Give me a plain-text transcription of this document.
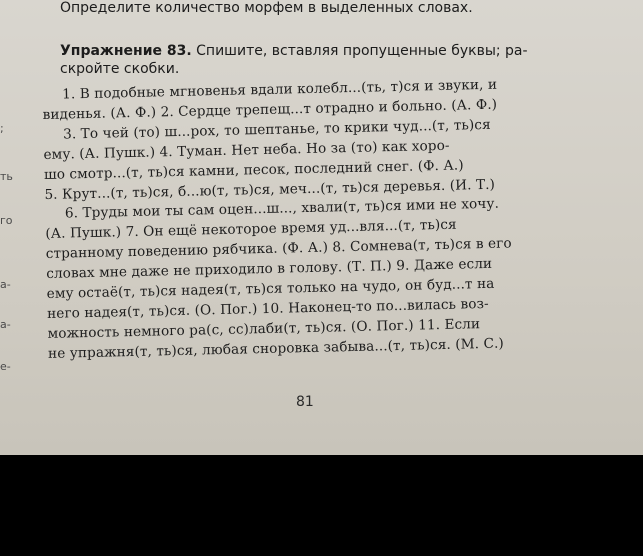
;
ть
го
а-
а-
е-
Определите количество морфем в выделенных словах.
Упражнение 83. Спишите, вставляя пропущенные буквы; ра-
скройте скобки.
1. В подобные мгновенья вдали колебл...(ть, т)ся и звуки, и
виденья. (А. Ф.) 2. Сердце трепещ...т отрадно и больно. (А. Ф.)
3. То чей (то) ш...рох, то шептанье, то крики чуд...(т, ть)ся
ему. (А. Пушк.) 4. Туман. Нет неба. Но за (то) как хоро-
шо смотр...(т, ть)ся камни, песок, последний снег. (Ф. А.)
5. Крут...(т, ть)ся, б...ю(т, ть)ся, меч...(т, ть)ся деревья. (И. Т.)
6. Труды мои ты сам оцен...ш..., хвали(т, ть)ся ими не хочу.
(А. Пушк.) 7. Он ещё некоторое время уд...вля...(т, ть)ся
странному поведению рябчика. (Ф. А.) 8. Сомнева(т, ть)ся в его
словах мне даже не приходило в голову. (Т. П.) 9. Даже если
ему остаё(т, ть)ся надея(т, ть)ся только на чудо, он буд...т на
него надея(т, ть)ся. (О. Пог.) 10. Наконец-то по...вилась воз-
можность немного ра(с, сс)лаби(т, ть)ся. (О. Пог.) 11. Если
не упражня(т, ть)ся, любая сноровка забыва...(т, ть)ся. (М. С.)
81
